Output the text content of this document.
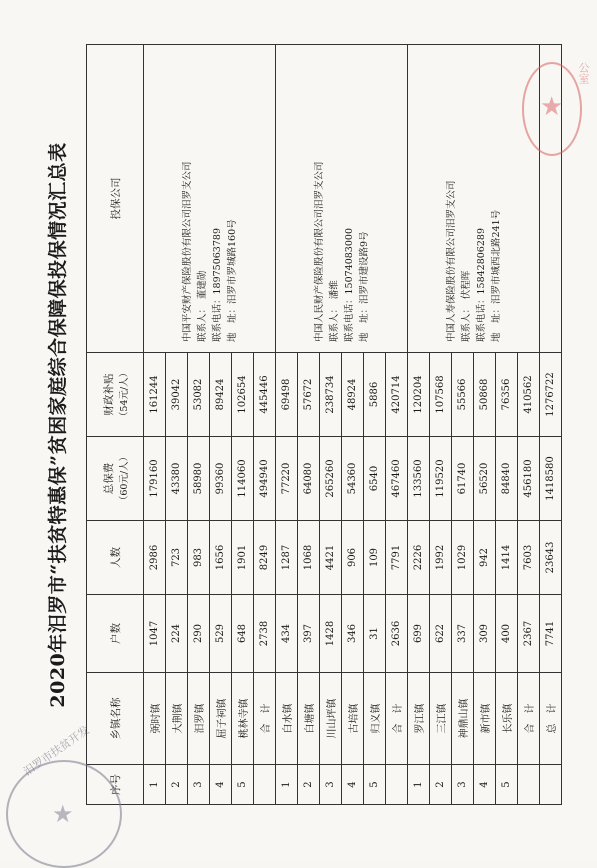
2020年汨罗市“扶贫特惠保”贫困家庭综合保障保投保情况汇总表
序号	乡镇名称	户数	人数	总保费 （60元/人）	财政补贴 （54元/人）	投保公司
1	弼时镇	1047	2986	179160	161244	中国平安财产保险股份有限公司汨罗支公司 联系人：　董建勋 联系电话：18975063789 地　址：汨罗市罗城路160号

2	大荆镇	224	723	43380	39042	
3	汨罗镇	290	983	58980	53082	
4	屈子祠镇	529	1656	99360	89424	
5	桃林寺镇	648	1901	114060	102654	
	合　计	2738	8249	494940	445446	
1	白水镇	434	1287	77220	69498	中国人民财产保险股份有限公司汨罗支公司 联系人：　潘维 联系电话：15074083000 地　址：汨罗市建设路9号

2	白塘镇	397	1068	64080	57672	
3	川山坪镇	1428	4421	265260	238734	
4	古培镇	346	906	54360	48924	
5	归义镇	31	109	6540	5886	
	合　计	2636	7791	467460	420714	
1	罗江镇	699	2226	133560	120204	中国人寿保险股份有限公司汨罗支公司 联系人：　伏程晖 联系电话：15842806289 地　址：汨罗市城西北路241号

2	三江镇	622	1992	119520	107568	
3	神鼎山镇	337	1029	61740	55566	
4	新市镇	309	942	56520	50868	
5	长乐镇	400	1414	84840	76356	
	合　计	2367	7603	456180	410562	
	总　计	7741	23643	1418580	1276722	
★
公室
★
汨罗市扶贫开发
